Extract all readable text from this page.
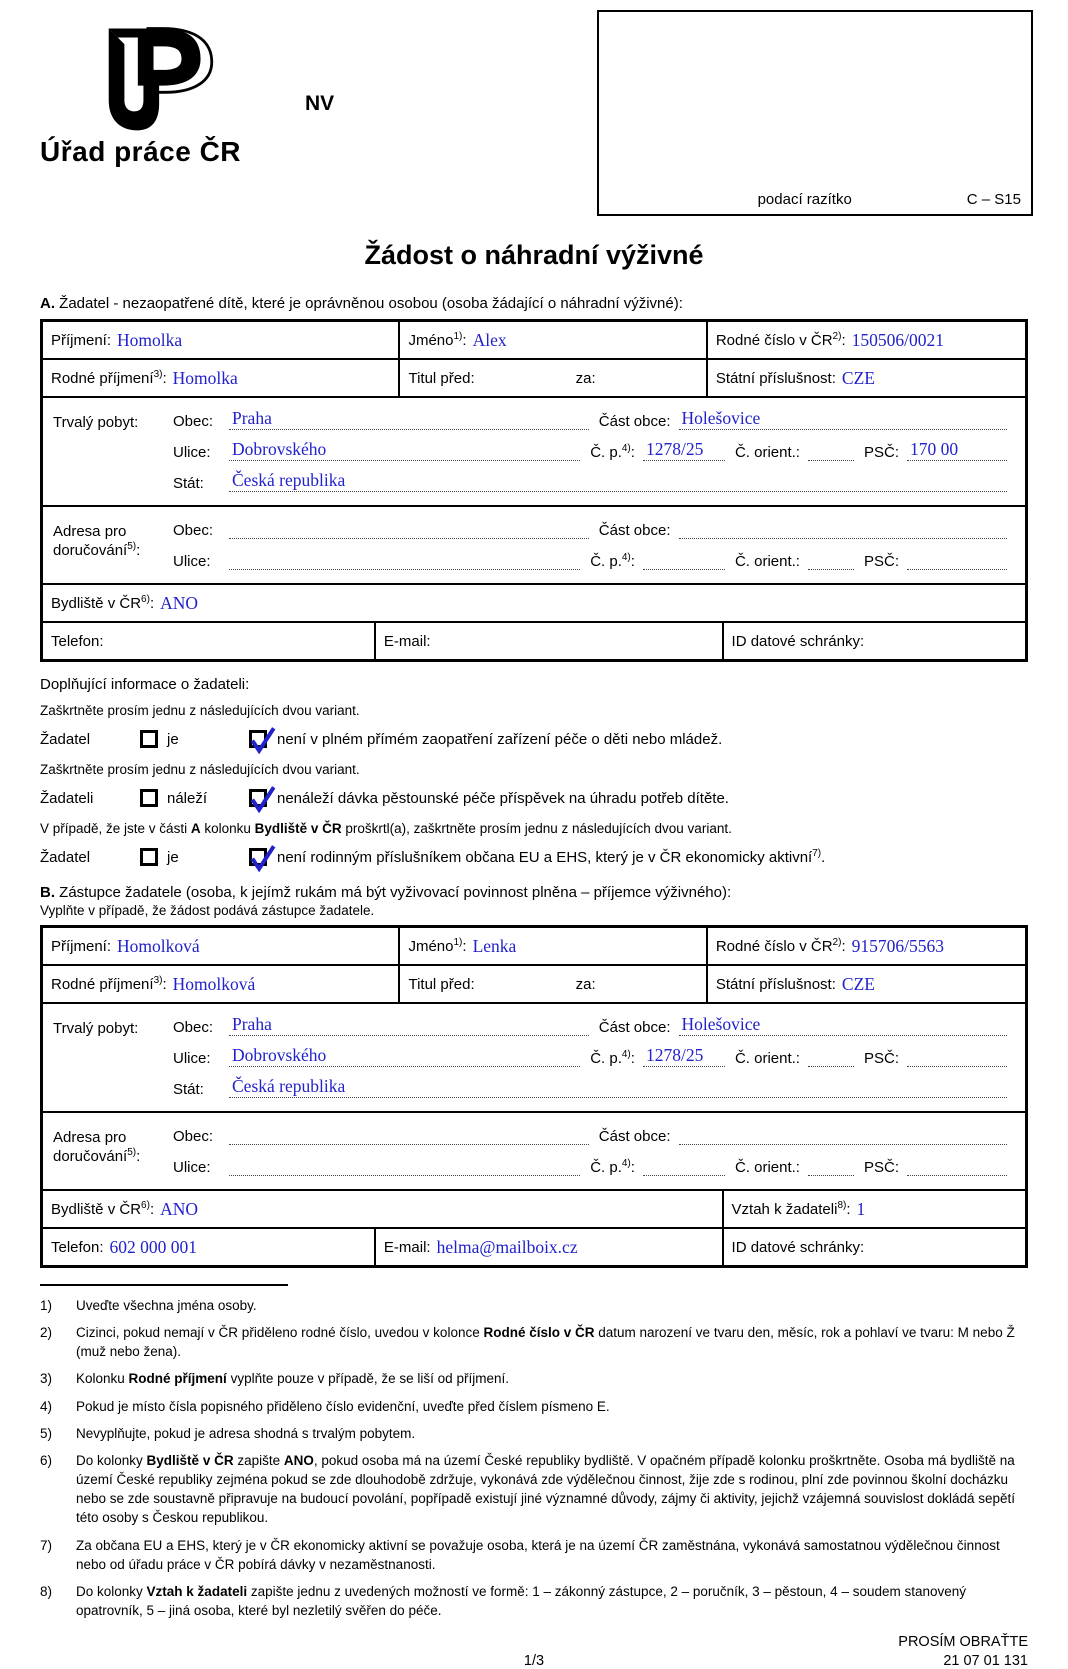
Úřad práce ČR
NV
podací razítko	C – S15
Žádost o náhradní výživné
A. Žadatel - nezaopatřené dítě, které je oprávněnou osobou (osoba žádající o náhradní výživné):
Příjmení: Homolka	Jméno$^{1)}$: Alex	Rodné číslo v ČR$^{2)}$: 150506/0021
Rodné příjmení$^{3)}$: Homolka	Titul před:	za:	Státní příslušnost: CZE
Trvalý pobyt: Obec:	Praha	Část obce: Holešovice
Ulice:	Dobrovského	Č. p.$^{4)}$: 1278/25 Č. orient.:	PSČ: 170 00
Stát:	Česká republika
Adresa pro
doručování$^{5)}$:
Obec:	Část obce:
Ulice:	Č. p.$^{4)}$:	Č. orient.:	PSČ:
Bydliště v ČR$^{6)}$: ANO
Telefon:	E-mail:	ID datové schránky:
Doplňující informace o žadateli:
Zaškrtněte prosím jednu z následujících dvou variant.
Žadatel	je	není v plném přímém zaopatření zařízení péče o děti nebo mládež.
Zaškrtněte prosím jednu z následujících dvou variant.
Žadateli	náleží	nenáleží dávka pěstounské péče příspěvek na úhradu potřeb dítěte.
V případě, že jste v části A kolonku Bydliště v ČR proškrtl(a), zaškrtněte prosím jednu z následujících dvou variant.
Žadatel	je	není rodinným příslušníkem občana EU a EHS, který je v ČR ekonomicky aktivní$^{7)}$.
B. Zástupce žadatele (osoba, k jejímž rukám má být vyživovací povinnost plněna – příjemce výživného):
Vyplňte v případě, že žádost podává zástupce žadatele.
Příjmení: Homolková	Jméno$^{1)}$: Lenka	Rodné číslo v ČR$^{2)}$: 915706/5563
Rodné příjmení$^{3)}$: Homolková	Titul před:	za:	Státní příslušnost: CZE
Trvalý pobyt: Obec:	Praha	Část obce: Holešovice
Ulice:	Dobrovského	Č. p.$^{4)}$: 1278/25 Č. orient.:	PSČ:
Stát:	Česká republika
Adresa pro
doručování$^{5)}$:
Obec:	Část obce:
Ulice:	Č. p.$^{4)}$:	Č. orient.:	PSČ:
Bydliště v ČR$^{6)}$: ANO	Vztah k žadateli$^{8)}$: 1
Telefon: 602 000 001	E-mail: helma@mailboix.cz	ID datové schránky:
1)	Uveďte všechna jména osoby.
2)	Cizinci, pokud nemají v ČR přiděleno rodné číslo, uvedou v kolonce Rodné číslo v ČR datum narození ve tvaru den, měsíc, rok a pohlaví ve tvaru: M nebo Ž (muž nebo žena).
3)	Kolonku Rodné příjmení vyplňte pouze v případě, že se liší od příjmení.
4)	Pokud je místo čísla popisného přiděleno číslo evidenční, uveďte před číslem písmeno E.
5)	Nevyplňujte, pokud je adresa shodná s trvalým pobytem.
6)	Do kolonky Bydliště v ČR zapište ANO, pokud osoba má na území České republiky bydliště. V opačném případě kolonku proškrtněte. Osoba má bydliště na území České republiky zejména pokud se zde dlouhodobě zdržuje, vykonává zde výdělečnou činnost, žije zde s rodinou, plní zde povinnou školní docházku nebo se zde soustavně připravuje na budoucí povolání, popřípadě existují jiné významné důvody, zájmy či aktivity, jejichž vzájemná souvislost dokládá sepětí této osoby s Českou republikou.
7)	Za občana EU a EHS, který je v ČR ekonomicky aktivní se považuje osoba, která je na území ČR zaměstnána, vykonává samostatnou výdělečnou činnost nebo od úřadu práce v ČR pobírá dávky v nezaměstnanosti.
8)	Do kolonky Vztah k žadateli zapište jednu z uvedených možností ve formě: 1 – zákonný zástupce, 2 – poručník, 3 – pěstoun, 4 – soudem stanovený opatrovník, 5 – jiná osoba, které byl nezletilý svěřen do péče.
PROSÍM OBRAŤTE
1/3	21 07 01 131
